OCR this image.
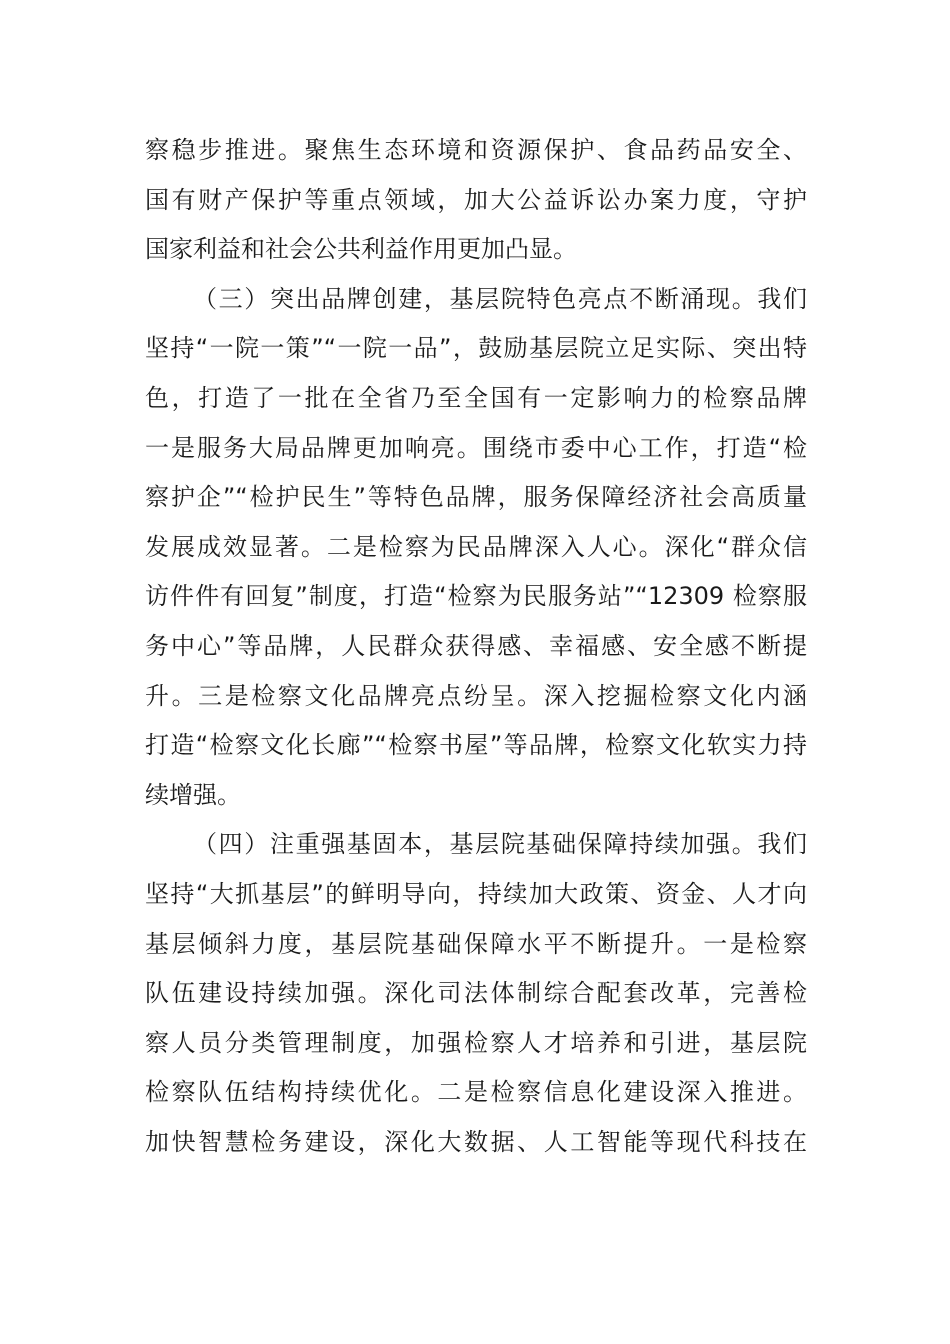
察稳步推进。聚焦生态环境和资源保护、食品药品安全、
国有财产保护等重点领域，加大公益诉讼办案力度，守护
国家利益和社会公共利益作用更加凸显。
（三）突出品牌创建，基层院特色亮点不断涌现。我们
坚持“一院一策”“一院一品”，鼓励基层院立足实际、突出特
色，打造了一批在全省乃至全国有一定影响力的检察品牌
一是服务大局品牌更加响亮。围绕市委中心工作，打造“检
察护企”“检护民生”等特色品牌，服务保障经济社会高质量
发展成效显著。二是检察为民品牌深入人心。深化“群众信
访件件有回复”制度，打造“检察为民服务站”“12309 检察服
务中心”等品牌，人民群众获得感、幸福感、安全感不断提
升。三是检察文化品牌亮点纷呈。深入挖掘检察文化内涵
打造“检察文化长廊”“检察书屋”等品牌，检察文化软实力持
续增强。
（四）注重强基固本，基层院基础保障持续加强。我们
坚持“大抓基层”的鲜明导向，持续加大政策、资金、人才向
基层倾斜力度，基层院基础保障水平不断提升。一是检察
队伍建设持续加强。深化司法体制综合配套改革，完善检
察人员分类管理制度，加强检察人才培养和引进，基层院
检察队伍结构持续优化。二是检察信息化建设深入推进。
加快智慧检务建设，深化大数据、人工智能等现代科技在
